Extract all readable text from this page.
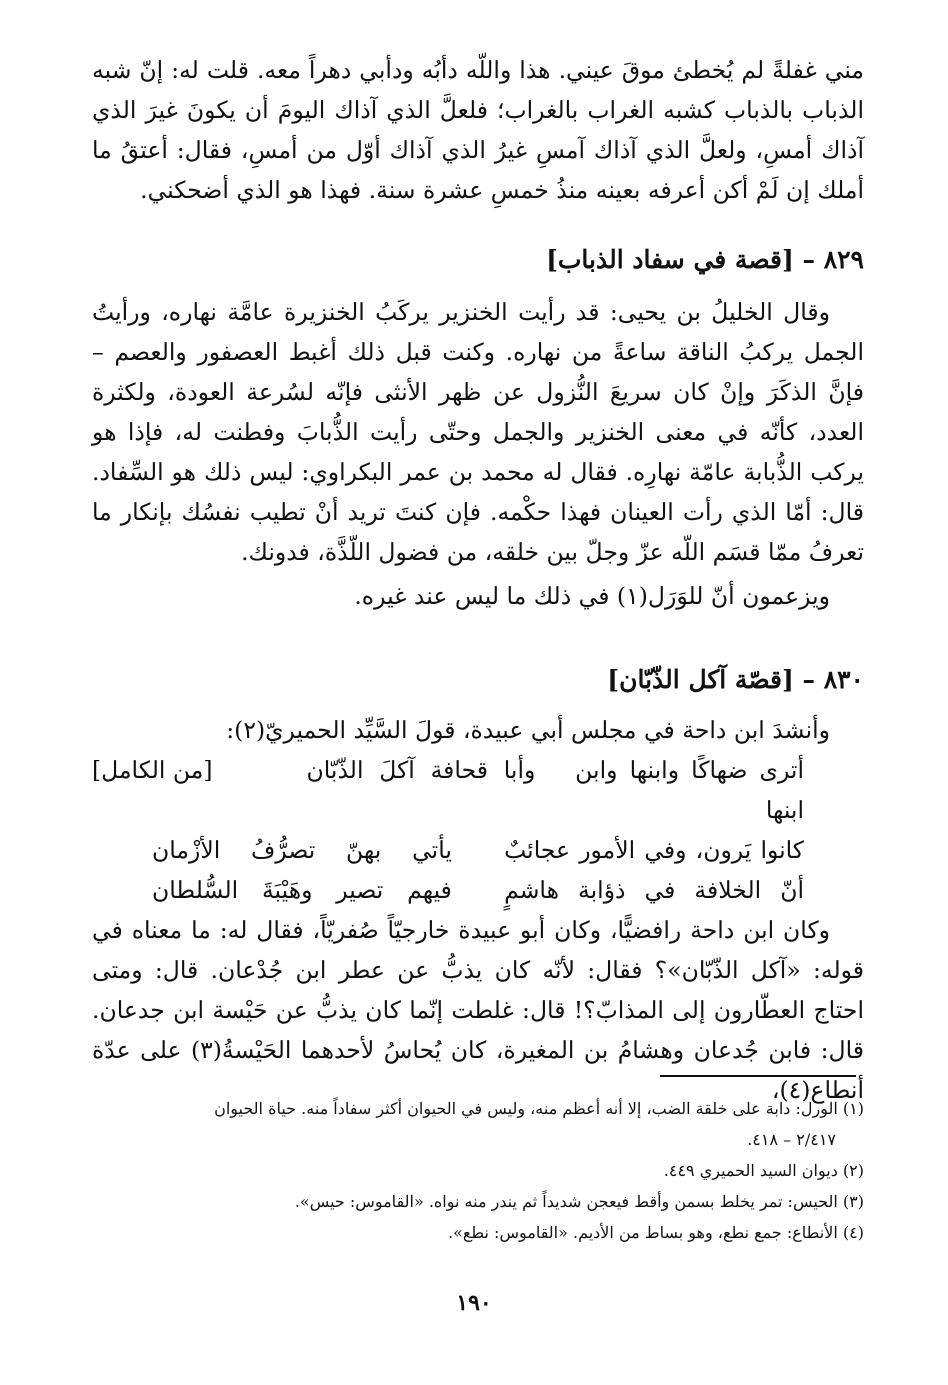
مني غفلةً لم يُخطئ موقَ عيني. هذا واللّه دأبُه ودأبي دهراً معه. قلت له: إنّ شبه الذباب بالذباب كشبه الغراب بالغراب؛ فلعلَّ الذي آذاك اليومَ أن يكونَ غيرَ الذي آذاك أمسِ، ولعلَّ الذي آذاك آمسِ غيرُ الذي آذاك أوّل من أمسِ، فقال: أعتقُ ما أملك إن لَمْ أكن أعرفه بعينه منذُ خمسِ عشرة سنة. فهذا هو الذي أضحكني.

٨٢٩ – [قصة في سفاد الذباب]

وقال الخليلُ بن يحيى: قد رأيت الخنزير يركَبُ الخنزيرة عامَّة نهاره، ورأيتُ الجمل يركبُ الناقة ساعةً من نهاره. وكنت قبل ذلك أغبط العصفور والعصم – فإنَّ الذكَرَ وإنْ كان سريعَ النُّزول عن ظهر الأنثى فإنّه لسُرعة العودة، ولكثرة العدد، كأنّه في معنى الخنزير والجمل وحتّى رأيت الذُّبابَ وفطنت له، فإذا هو يركب الذُّبابة عامّة نهارِه. فقال له محمد بن عمر البكراوي: ليس ذلك هو السِّفاد. قال: أمّا الذي رأت العينان فهذا حكْمه. فإن كنتَ تريد أنْ تطيب نفسُك بإنكار ما تعرفُ ممّا قسَم اللّه عزّ وجلّ بين خلقه، من فضول اللّذَّة، فدونك.

ويزعمون أنّ للوَرَل(١) في ذلك ما ليس عند غيره.

٨٣٠ – [قصّة آكل الذّبّان]

وأنشدَ ابن داحة في مجلس أبي عبيدة، قولَ السَّيِّد الحميريّ(٢):
[من الكامل]	أترى ضهاكًا وابنها وابن ابنها
وأبا قحافة آكلَ الذّبّان
كانوا يَرون، وفي الأمور عجائبٌ
يأتي بهنّ تصرُّفُ الأزْمان
أنّ الخلافة في ذؤابة هاشمٍ
فيهم تصير وهَيْبَةَ السُّلطان

وكان ابن داحة رافضيًّا، وكان أبو عبيدة خارجيّاً صُفريّاً، فقال له: ما معناه في قوله: «آكل الذّبّان»؟ فقال: لأنّه كان يذبُّ عن عطر ابن جُدْعان. قال: ومتى احتاج العطّارون إلى المذابّ؟! قال: غلطت إنّما كان يذبُّ عن حَيْسة ابن جدعان. قال: فابن جُدعان وهشامُ بن المغيرة، كان يُحاسُ لأحدهما الحَيْسةُ(٣) على عدّة أنطاع(٤)،

(١) الورل: دابة على خلقة الضب، إلا أنه أعظم منه، وليس في الحيوان أكثر سفاداً منه. حياة الحيوان

٢/٤١٧ – ٤١٨.

(٢) ديوان السيد الحميري ٤٤٩.

(٣) الحيس: تمر يخلط بسمن وأقط فيعجن شديداً ثم يندر منه نواه. «القاموس: حيس».

(٤) الأنطاع: جمع نطع، وهو بساط من الأديم. «القاموس: نطع».

١٩٠
